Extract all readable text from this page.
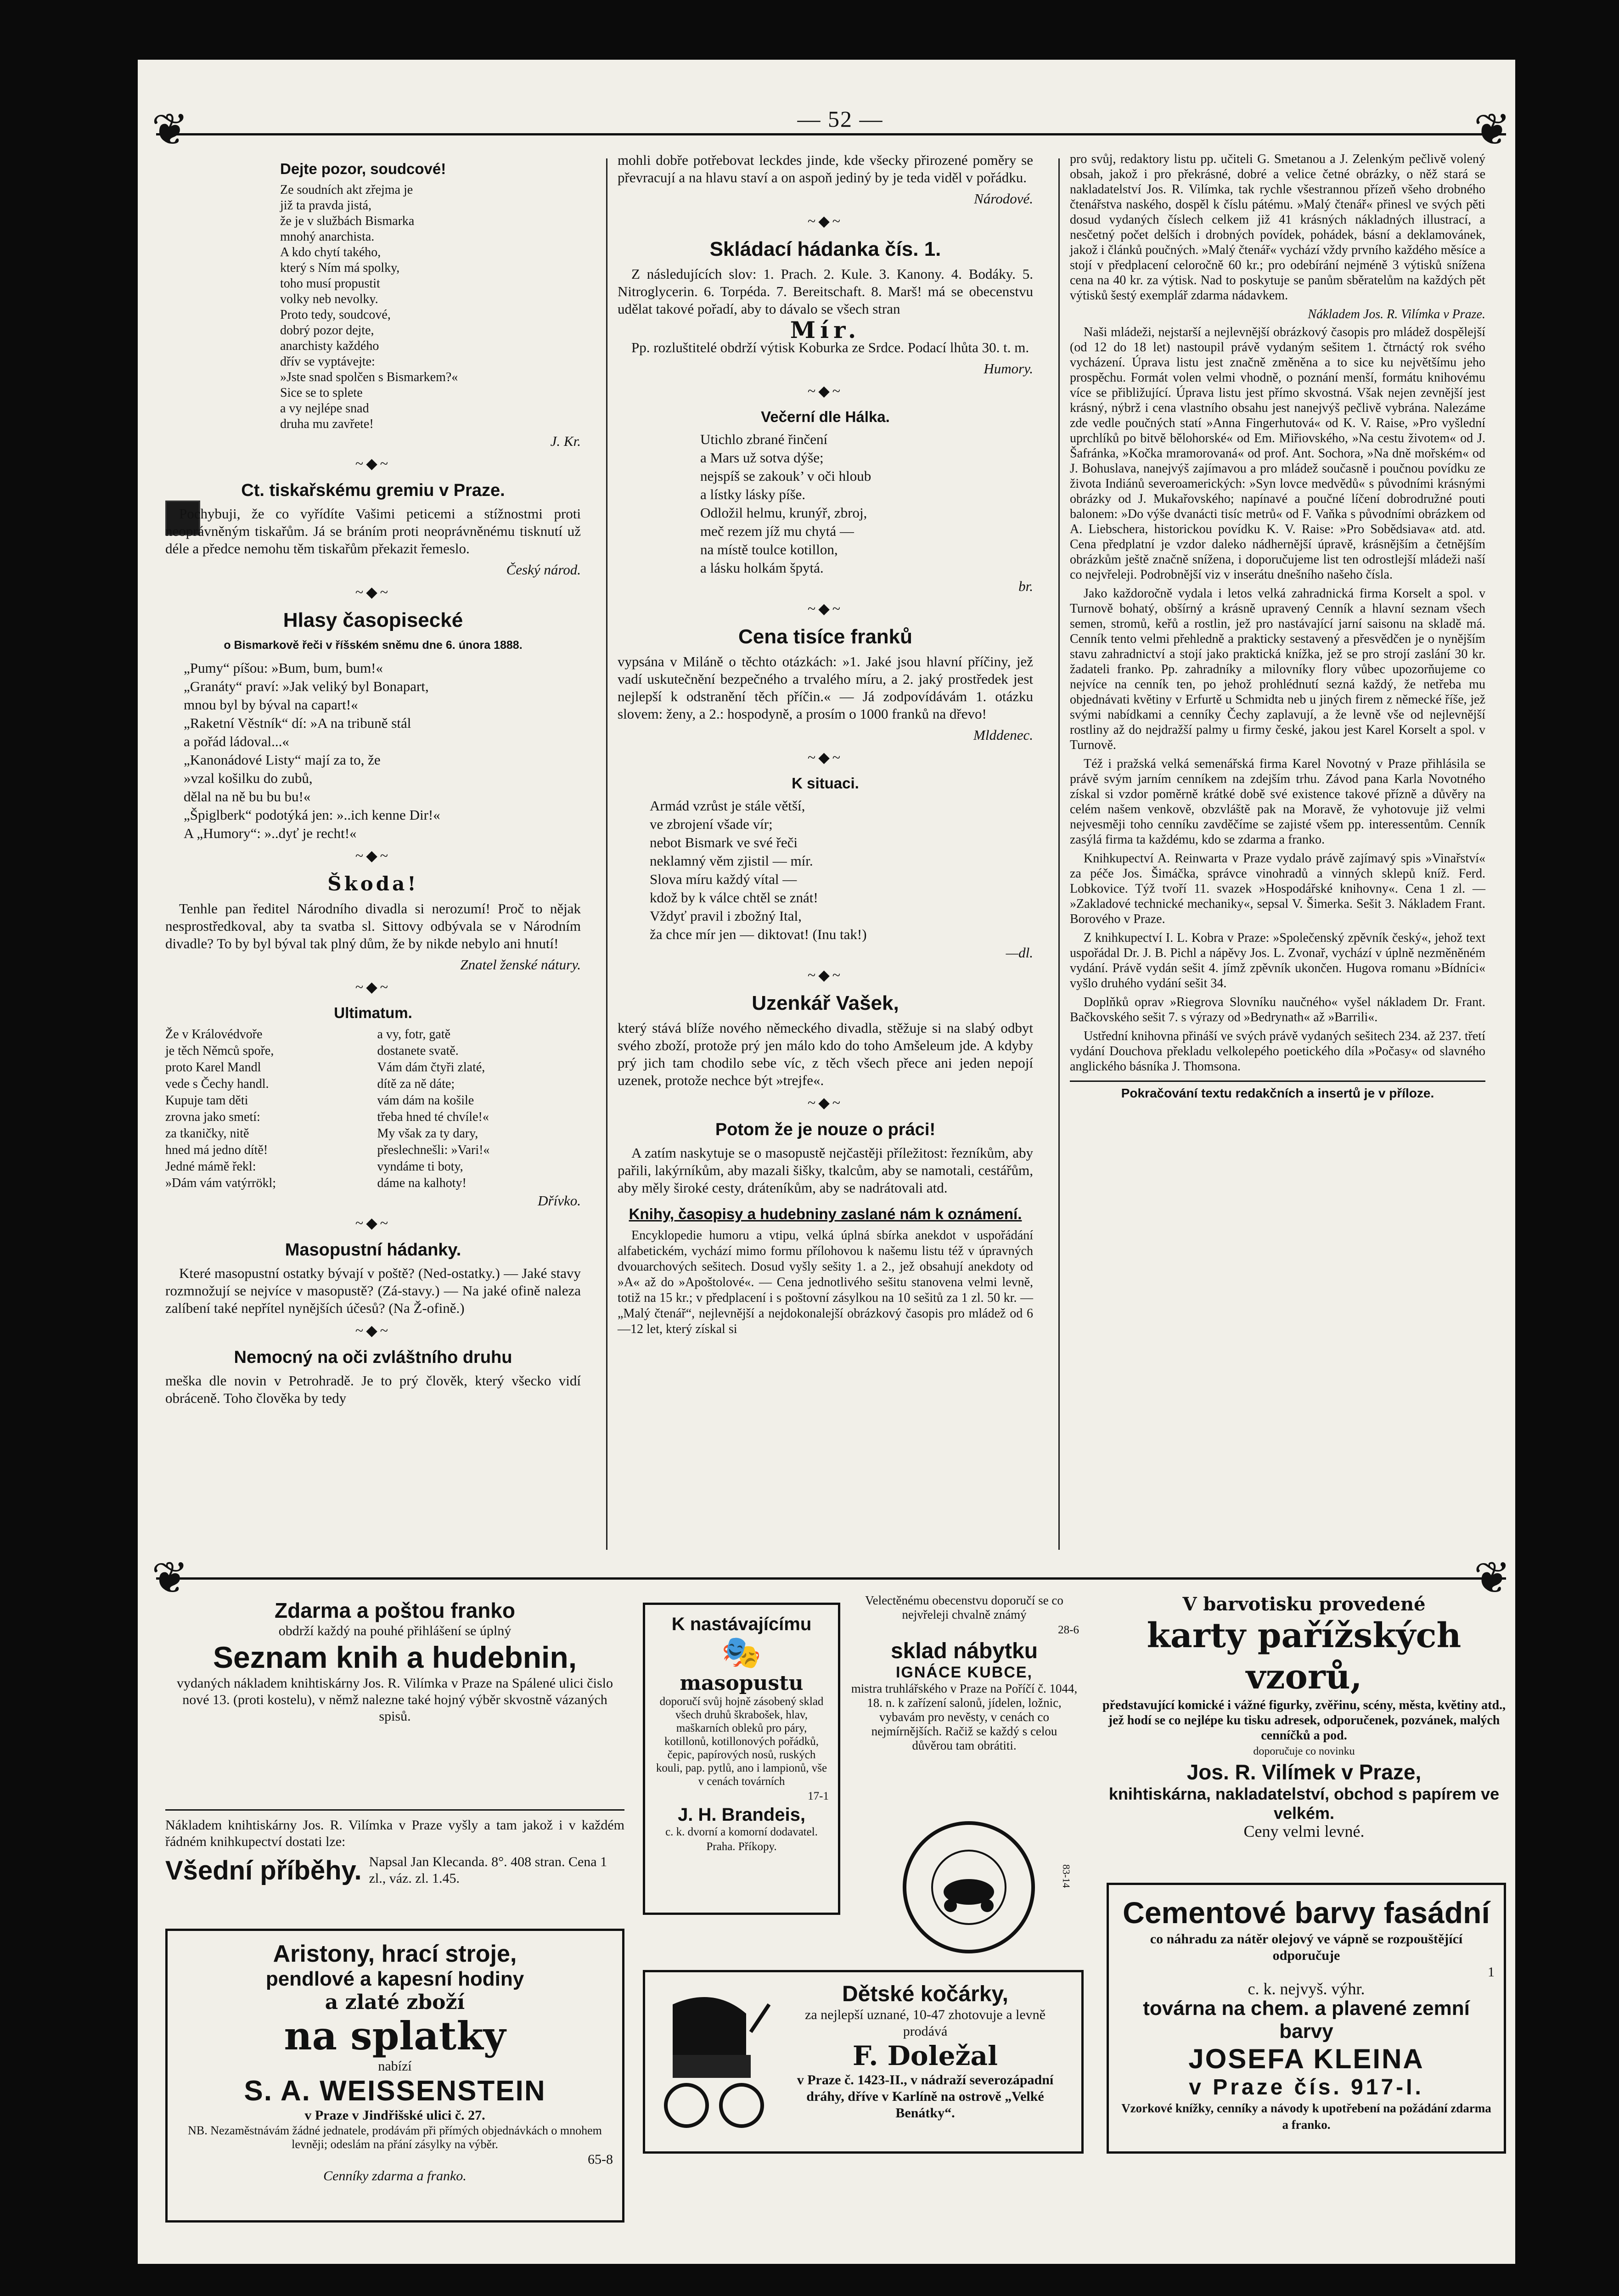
— 52 —
❦	❦
❦	❦
Dejte pozor, soudcové!
Ze soudních akt zřejma je
již ta pravda jistá,
že je v službách Bismarka
mnohý anarchista.
A kdo chytí takého,
který s Ním má spolky,
toho musí propustit
volky neb nevolky.
Proto tedy, soudcové,
dobrý pozor dejte,
anarchisty každého
dřív se vyptávejte:
»Jste snad spolčen s Bismarkem?«
Sice se to splete
a vy nejlépe snad
druha mu zavřete!
J. Kr.
~◆~
Ct. tiskařskému gremiu v Praze.

Pochybuji, že co vyřídíte Vašimi peticemi a stížnostmi proti neoprávněným tiskařům. Já se bráním proti neoprávněnému tisknutí už déle a předce nemohu těm tiskařům překazit řemeslo.

Český národ.
~◆~
Hlasy časopisecké
o Bismarkově řeči v říšském sněmu dne 6. února 1888.
„Pumy“ píšou: »Bum, bum, bum!«
„Granáty“ praví: »Jak veliký byl Bonapart,
mnou byl by býval na capart!«
„Raketní Věstník“ dí: »A na tribuně stál
a pořád ládoval...«
„Kanonádové Listy“ mají za to, že
»vzal košilku do zubů,
dělal na ně bu bu bu!«
„Špiglberk“ podotýká jen: »..ich kenne Dir!«
A „Humory“: »..dyť je recht!«
~◆~
Škoda!

Tenhle pan ředitel Národního divadla si nerozumí! Proč to nějak nesprostředkoval, aby ta svatba sl. Sittovy odbývala se v Národním divadle? To by byl býval tak plný dům, že by nikde nebylo ani hnutí!

Znatel ženské nátury.
~◆~
Ultimatum.
Že v Královédvoře
je těch Němců spoře,
proto Karel Mandl
vede s Čechy handl.
Kupuje tam děti
zrovna jako smetí:
za tkaničky, nitě
hned má jedno dítě!
Jedné mámě řekl:
»Dám vám vatýrrökl;
a vy, fotr, gatě
dostanete svatě.
Vám dám čtyři zlaté,
dítě za ně dáte;
vám dám na košile
třeba hned té chvíle!«
My však za ty dary,
přeslechnešli: »Vari!«
vyndáme ti boty,
dáme na kalhoty!
Dřívko.
~◆~
Masopustní hádanky.

Které masopustní ostatky bývají v poště? (Ned-ostatky.) — Jaké stavy rozmnožují se nejvíce v masopustě? (Zá-stavy.) — Na jaké ofině naleza zalíbení také nepřítel nynějších účesů? (Na Ž-ofině.)

~◆~
Nemocný na oči zvláštního druhu

meška dle novin v Petrohradě. Je to prý člověk, který všecko vidí obráceně. Toho člověka by tedy

mohli dobře potřebovat leckdes jinde, kde všecky přirozené poměry se převracují a na hlavu staví a on aspoň jediný by je teda viděl v pořádku.

Národové.
~◆~
Skládací hádanka čís. 1.

Z následujících slov: 1. Prach. 2. Kule. 3. Kanony. 4. Bodáky. 5. Nitroglycerin. 6. Torpéda. 7. Bereitschaft. 8. Marš! má se obecenstvu udělat takové pořadí, aby to dávalo se všech stran

Mír.

Pp. rozluštitelé obdrží výtisk Koburka ze Srdce. Podací lhůta 30. t. m.

Humory.
~◆~
Večerní dle Hálka.
Utichlo zbrané řinčení
a Mars už sotva dýše;
nejspíš se zakouk’ v oči hloub
a lístky lásky píše.
Odložil helmu, krunýř, zbroj,
meč rezem jíž mu chytá —
na místě toulce kotillon,
a lásku holkám špytá.
br.
~◆~
Cena tisíce franků

vypsána v Miláně o těchto otázkách: »1. Jaké jsou hlavní příčiny, jež vadí uskutečnění bezpečného a trvalého míru, a 2. jaký prostředek jest nejlepší k odstranění těch příčin.« — Já zodpovídávám 1. otázku slovem: ženy, a 2.: hospodyně, a prosím o 1000 franků na dřevo!

Mlddenec.
~◆~
K situaci.
Armád vzrůst je stále větší,
ve zbrojení všade vír;
nebot Bismark ve své řeči
neklamný věm zjistil — mír.
Slova míru každý vítal —
kdož by k válce chtěl se znát!
Vždyť pravil i zbožný Ital,
ža chce mír jen — diktovat! (Inu tak!)
—dl.
~◆~
Uzenkář Vašek,

který stává blíže nového německého divadla, stěžuje si na slabý odbyt svého zboží, protože prý jen málo kdo do toho Amšeleum jde. A kdyby prý jich tam chodilo sebe víc, z těch všech přece ani jeden nepojí uzenek, protože nechce být »trejfe«.

~◆~
Potom že je nouze o práci!

A zatím naskytuje se o masopustě nejčastěji příležitost: řezníkům, aby pařili, lakýrníkům, aby mazali šišky, tkalcům, aby se namotali, cestářům, aby měly široké cesty, dráteníkům, aby se nadrátovali atd.

Knihy, časopisy a hudebniny zaslané nám k oznámení.

Encyklopedie humoru a vtipu, velká úplná sbírka anekdot v uspořádání alfabetickém, vychází mimo formu přílohovou k našemu listu též v úpravných dvouarchových sešitech. Dosud vyšly sešity 1. a 2., jež obsahují anekdoty od »A« až do »Apoštolové«. — Cena jednotlivého sešitu stanovena velmi levně, totiž na 15 kr.; v předplacení i s poštovní zásylkou na 10 sešitů za 1 zl. 50 kr. — „Malý čtenář“, nejlevnější a nejdokonalejší obrázkový časopis pro mládež od 6—12 let, který získal si

pro svůj, redaktory listu pp. učiteli G. Smetanou a J. Zelenkým pečlivě volený obsah, jakož i pro překrásné, dobré a velice četné obrázky, o něž stará se nakladatelství Jos. R. Vilímka, tak rychle všestrannou přízeň všeho drobného čtenářstva naského, dospěl k číslu pátému. »Malý čtenář« přinesl ve svých pěti dosud vydaných číslech celkem již 41 krásných nákladných illustrací, a nesčetný počet delších i drobných povídek, pohádek, básní a deklamovánek, jakož i článků poučných. »Malý čtenář« vychází vždy prvního každého měsíce a stojí v předplacení celoročně 60 kr.; pro odebírání nejméně 3 výtisků snížena cena na 40 kr. za výtisk. Nad to poskytuje se panům sběratelům na každých pět výtisků šestý exemplář zdarma nádavkem.

Nákladem Jos. R. Vilímka v Praze.

Naši mládeži, nejstarší a nejlevnější obrázkový časopis pro mládež dospělejší (od 12 do 18 let) nastoupil právě vydaným sešitem 1. čtrnáctý rok svého vycházení. Úprava listu jest značně změněna a to sice ku největšímu jeho prospěchu. Formát volen velmi vhodně, o poznání menší, formátu knihovému více se přibližující. Úprava listu jest přímo skvostná. Však nejen zevnější jest krásný, nýbrž i cena vlastního obsahu jest nanejvýš pečlivě vybrána. Nalezáme zde vedle poučných statí »Anna Fingerhutová« od K. V. Raise, »Pro vyšlední uprchlíků po bitvě bělohorské« od Em. Miřiovského, »Na cestu životem« od J. Šafránka, »Kočka mramorovaná« od prof. Ant. Sochora, »Na dně mořském« od J. Bohuslava, nanejvýš zajímavou a pro mládež současně i poučnou povídku ze života Indiánů severoamerických: »Syn lovce medvědů« s původními krásnými obrázky od J. Mukařovského; napínavé a poučné líčení dobrodružné pouti balonem: »Do výše dvanácti tisíc metrů« od F. Vaňka s původními obrázkem od A. Liebschera, historickou povídku K. V. Raise: »Pro Sobědsiava« atd. atd. Cena předplatní je vzdor daleko nádhernější úpravě, krásnějším a četnějším obrázkům ještě značně snížena, i doporučujeme list ten odrostlejší mládeži naší co nejvřeleji. Podrobnější viz v inserátu dnešního našeho čísla.

Jako každoročně vydala i letos velká zahradnická firma Korselt a spol. v Turnově bohatý, obšírný a krásně upravený Cenník a hlavní seznam všech semen, stromů, keřů a rostlin, jež pro nastávající jarní saisonu na skladě má. Cenník tento velmi přehledně a prakticky sestavený a přesvědčen je o nynějším stavu zahradnictví a stojí jako praktická knížka, jež se pro strojí zaslání 30 kr. žadateli franko. Pp. zahradníky a milovníky flory vůbec upozorňujeme co nejvíce na cenník ten, po jehož prohlédnutí sezná každý, že netřeba mu objednávati květiny v Erfurtě u Schmidta neb u jiných firem z německé říše, jež svými nabídkami a cenníky Čechy zaplavují, a že levně vše od nejlevnější rostliny až do nejdražší palmy u firmy české, jakou jest Karel Korselt a spol. v Turnově.

Též i pražská velká semenářská firma Karel Novotný v Praze přihlásila se právě svým jarním cenníkem na zdejším trhu. Závod pana Karla Novotného získal si vzdor poměrně krátké době své existence takové přízně a důvěry na celém našem venkově, obzvláště pak na Moravě, že vyhotovuje již velmi nejvesměji toho cenníku zavděčíme se zajisté všem pp. interessentům. Cenník zasýlá firma ta každému, kdo se zdarma a franko.

Knihkupectví A. Reinwarta v Praze vydalo právě zajímavý spis »Vinařství« za péče Jos. Šimáčka, správce vinohradů a vinných sklepů kníž. Ferd. Lobkovice. Týž tvoří 11. svazek »Hospodářské knihovny«. Cena 1 zl. — »Zakladové technické mechaniky«, sepsal V. Šimerka. Sešit 3. Nákladem Frant. Borového v Praze.

Z knihkupectví I. L. Kobra v Praze: »Společenský zpěvník český«, jehož text uspořádal Dr. J. B. Pichl a nápěvy Jos. L. Zvonař, vychází v úplně nezměněném vydání. Právě vydán sešit 4. jímž zpěvník ukončen. Hugova romanu »Bídníci« vyšlo druhého vydání sešit 34.

Doplňků oprav »Riegrova Slovníku naučného« vyšel nákladem Dr. Frant. Bačkovského sešit 7. s výrazy od »Bedrynath« až »Barrili«.

Ustřední knihovna přináší ve svých právě vydaných sešitech 234. až 237. třetí vydání Douchova překladu velkolepého poetického díla »Počasy« od slavného anglického básníka J. Thomsona.

Pokračování textu redakčních a insertů je v příloze.
Zdarma a poštou franko
obdrží každý na pouhé přihlášení se úplný
Seznam knih a hudebnin,
vydaných nákladem knihtiskárny Jos. R. Vilímka v Praze na Spálené ulici čislo nové 13. (proti kostelu), v němž nalezne také hojný výběr skvostně vázaných spisů.
Nákladem knihtiskárny Jos. R. Vilímka v Praze vyšly a tam jakož i v každém řádném knihkupectví dostati lze:
Všední příběhy. Napsal Jan Klecanda. 8°. 408 stran. Cena 1 zl., váz. zl. 1.45.
Aristony, hrací stroje,
pendlové a kapesní hodiny
a zlaté zboží
na splatky
nabízí
S. A. WEISSENSTEIN
v Praze v Jindřišské ulici č. 27.
NB. Nezaměstnávám žádné jednatele, prodávám při přímých objednávkách o mnohem levněji; odeslám na přání zásylky na výběr.
65-8
Cenníky zdarma a franko.
K nastávajícímu
🎭
masopustu
doporučí svůj hojně zásobený sklad všech druhů škrabošek, hlav, maškarních obleků pro páry, kotillonů, kotillonových pořádků, čepic, papírových nosů, ruských kouli, pap. pytlů, ano i lampionů, vše v cenách továrních
17-1
J. H. Brandeis,
c. k. dvorní a komorní dodavatel.
Praha. Příkopy.
Velectěnému obecenstvu doporučí se co nejvřeleji chvalně známý
28-6
sklad nábytku
IGNÁCE KUBCE,
mistra truhlářského v Praze na Poříčí č. 1044, 18. n. k zařízení salonů, jídelen, ložnic, vybavám pro nevěsty, v cenách co nejmírnějších. Račiž se každý s celou důvěrou tam obrátiti.
83-14
Dětské kočárky,
za nejlepší uznané, 10-47 zhotovuje a levně prodává
F. Doležal
v Praze č. 1423-II., v nádraží severozápadní dráhy, dříve v Karlíně na ostrově „Velké Benátky“.
V barvotisku provedené
karty pařížských vzorů,
představující komické i vážné figurky, zvěřinu, scény, města, květiny atd., jež hodí se co nejlépe ku tisku adresek, odporučenek, pozvánek, malých cenníčků a pod.
doporučuje co novinku
Jos. R. Vilímek v Praze,
knihtiskárna, nakladatelství, obchod s papírem ve velkém.
Ceny velmi levné.
Cementové barvy fasádní
co náhradu za nátěr olejový ve vápně se rozpouštějící odporučuje
1
c. k. nejvyš. výhr.
továrna na chem. a plavené zemní barvy
JOSEFA KLEINA
v Praze čís. 917-I.
Vzorkové knížky, cenníky a návody k upotřebení na požádání zdarma a franko.
